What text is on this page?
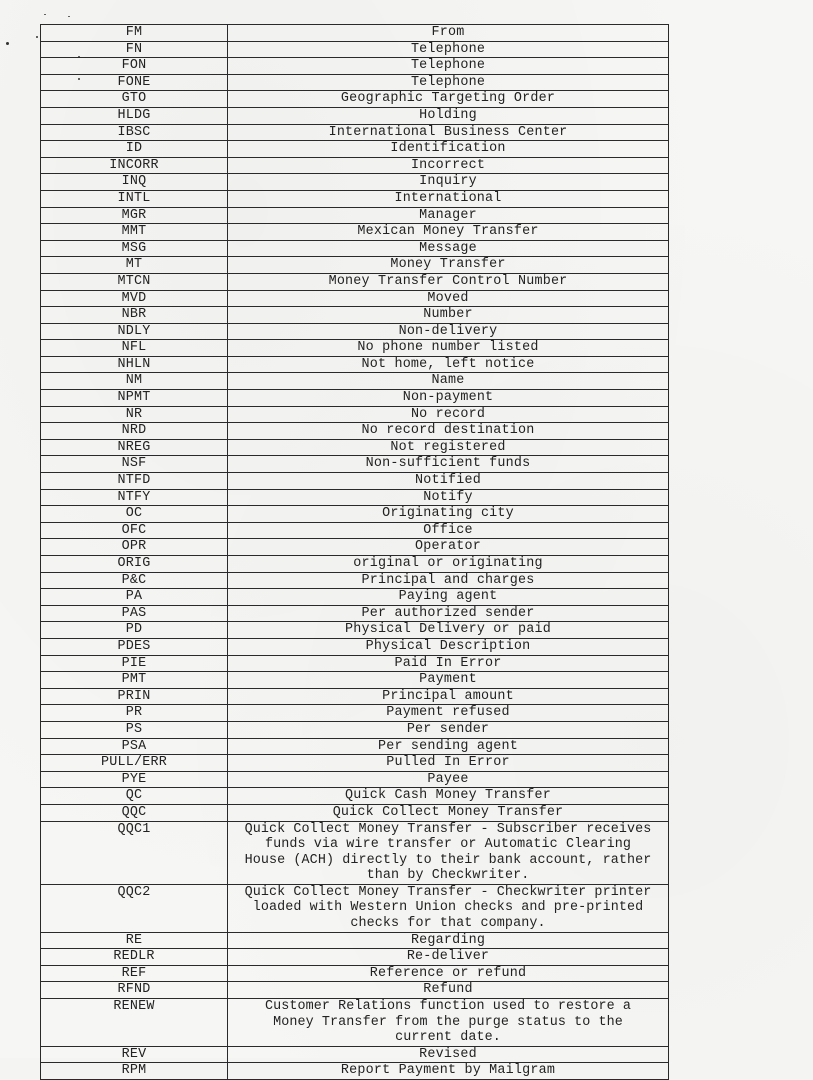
FM	From
FN	Telephone
FON	Telephone
FONE	Telephone
GTO	Geographic Targeting Order
HLDG	Holding
IBSC	International Business Center
ID	Identification
INCORR	Incorrect
INQ	Inquiry
INTL	International
MGR	Manager
MMT	Mexican Money Transfer
MSG	Message
MT	Money Transfer
MTCN	Money Transfer Control Number
MVD	Moved
NBR	Number
NDLY	Non-delivery
NFL	No phone number listed
NHLN	Not home, left notice
NM	Name
NPMT	Non-payment
NR	No record
NRD	No record destination
NREG	Not registered
NSF	Non-sufficient funds
NTFD	Notified
NTFY	Notify
OC	Originating city
OFC	Office
OPR	Operator
ORIG	original or originating
P&C	Principal and charges
PA	Paying agent
PAS	Per authorized sender
PD	Physical Delivery or paid
PDES	Physical Description
PIE	Paid In Error
PMT	Payment
PRIN	Principal amount
PR	Payment refused
PS	Per sender
PSA	Per sending agent
PULL/ERR	Pulled In Error
PYE	Payee
QC	Quick Cash Money Transfer
QQC	Quick Collect Money Transfer
QQC1	Quick Collect Money Transfer - Subscriber receives
funds via wire transfer or Automatic Clearing
House (ACH) directly to their bank account, rather
than by Checkwriter.
QQC2	Quick Collect Money Transfer - Checkwriter printer
loaded with Western Union checks and pre-printed
checks for that company.
RE	Regarding
REDLR	Re-deliver
REF	Reference or refund
RFND	Refund
RENEW	Customer Relations function used to restore a
Money Transfer from the purge status to the
current date.
REV	Revised
RPM	Report Payment by Mailgram
